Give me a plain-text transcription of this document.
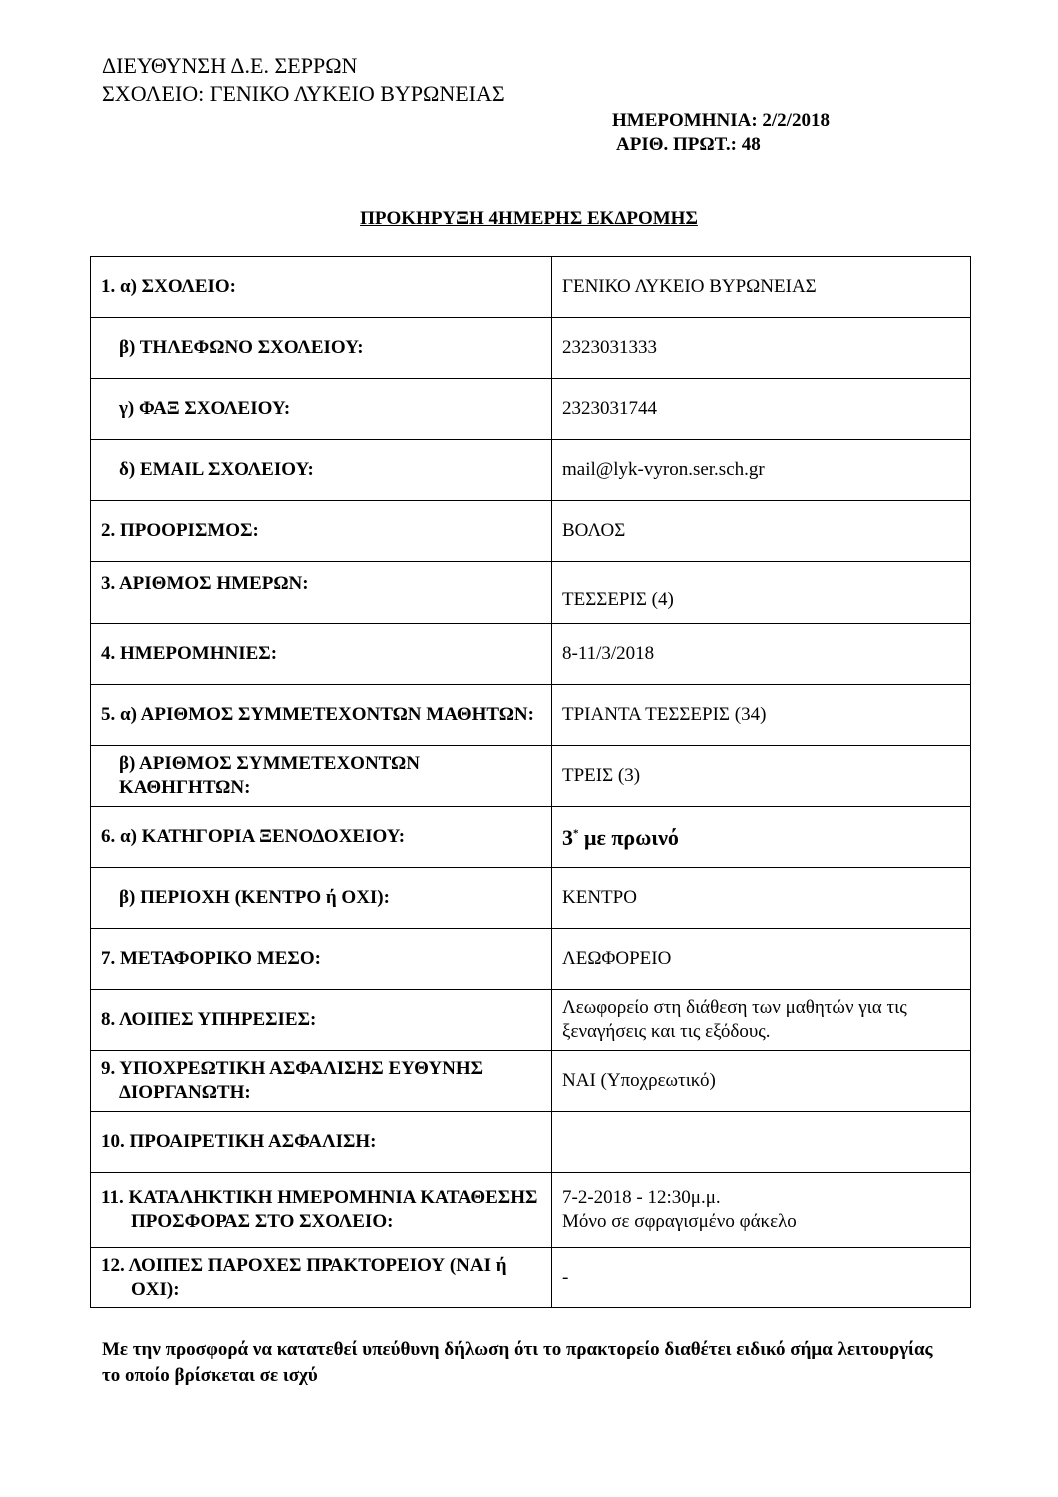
ΔΙΕΥΘΥΝΣΗ Δ.Ε. ΣΕΡΡΩΝ
ΣΧΟΛΕΙΟ: ΓΕΝΙΚΟ ΛΥΚΕΙΟ ΒΥΡΩΝΕΙΑΣ
ΗΜΕΡΟΜΗΝΙΑ: 2/2/2018
ΑΡΙΘ. ΠΡΩΤ.: 48
ΠΡΟΚΗΡΥΞΗ 4ΗΜΕΡΗΣ ΕΚΔΡΟΜΗΣ
1. α) ΣΧΟΛΕΙΟ:	ΓΕΝΙΚΟ ΛΥΚΕΙΟ ΒΥΡΩΝΕΙΑΣ

β) ΤΗΛΕΦΩΝΟ ΣΧΟΛΕΙΟΥ:	2323031333

γ) ΦΑΞ ΣΧΟΛΕΙΟΥ:	2323031744

δ) EMAIL ΣΧΟΛΕΙΟΥ:	mail@lyk-vyron.ser.sch.gr
2. ΠΡΟΟΡΙΣΜΟΣ:	ΒΟΛΟΣ
3. ΑΡΙΘΜΟΣ ΗΜΕΡΩΝ:	ΤΕΣΣΕΡΙΣ (4)
4. ΗΜΕΡΟΜΗΝΙΕΣ:	8-11/3/2018

5. α) ΑΡΙΘΜΟΣ ΣΥΜΜΕΤΕΧΟΝΤΩΝ ΜΑΘΗΤΩΝ:	ΤΡΙΑΝΤΑ ΤΕΣΣΕΡΙΣ (34)

β) ΑΡΙΘΜΟΣ ΣΥΜΜΕΤΕΧΟΝΤΩΝ ΚΑΘΗΓΗΤΩΝ:	ΤΡΕΙΣ (3)
6. α) ΚΑΤΗΓΟΡΙΑ ΞΕΝΟΔΟΧΕΙΟΥ:	3* με πρωινό

β) ΠΕΡΙΟΧΗ (ΚΕΝΤΡΟ ή ΟΧΙ):	ΚΕΝΤΡΟ
7. ΜΕΤΑΦΟΡΙΚΟ ΜΕΣΟ:	ΛΕΩΦΟΡΕΙΟ
8. ΛΟΙΠΕΣ ΥΠΗΡΕΣΙΕΣ:	Λεωφορείο στη διάθεση των μαθητών για τις ξεναγήσεις και τις εξόδους.

9. ΥΠΟΧΡΕΩΤΙΚΗ ΑΣΦΑΛΙΣΗΣ ΕΥΘΥΝΗΣ ΔΙΟΡΓΑΝΩΤΗ:	ΝΑΙ (Υποχρεωτικό)
10. ΠΡΟΑΙΡΕΤΙΚΗ ΑΣΦΑΛΙΣΗ:	

11. ΚΑΤΑΛΗΚΤΙΚΗ ΗΜΕΡΟΜΗΝΙΑ ΚΑΤΑΘΕΣΗΣ ΠΡΟΣΦΟΡΑΣ ΣΤΟ ΣΧΟΛΕΙΟ:	7-2-2018 - 12:30μ.μ.
Μόνο σε σφραγισμένο φάκελο

12. ΛΟΙΠΕΣ ΠΑΡΟΧΕΣ ΠΡΑΚΤΟΡΕΙΟΥ (ΝΑΙ ή ΟΧΙ):	-
Με την προσφορά να κατατεθεί υπεύθυνη δήλωση ότι το πρακτορείο διαθέτει ειδικό σήμα λειτουργίας το οποίο βρίσκεται σε ισχύ
